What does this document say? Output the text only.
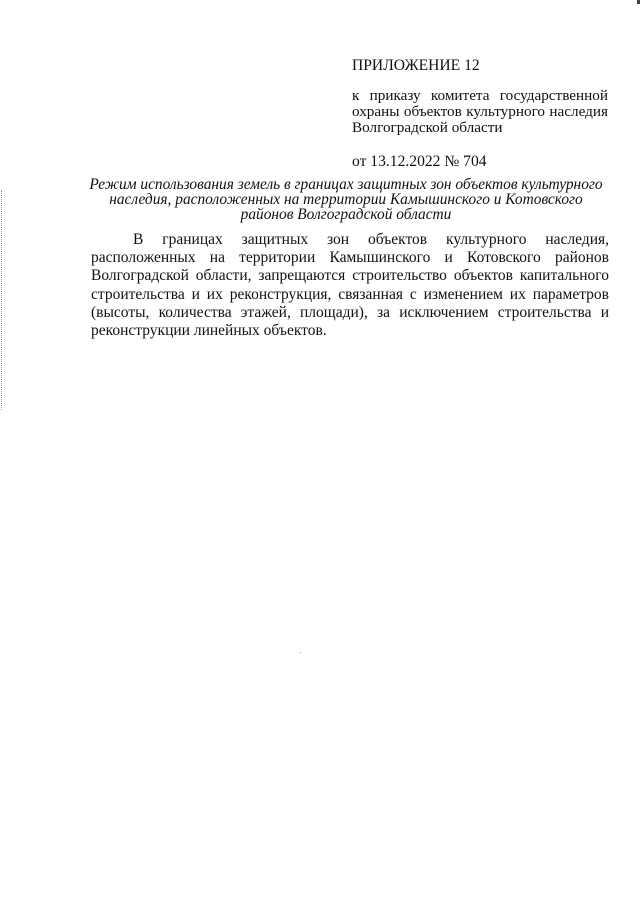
ПРИЛОЖЕНИЕ 12

к приказу комитета государственной охраны объектов культурного наследия Волгоградской области

от 13.12.2022 № 704

Режим использования земель в границах защитных зон объектов культурного наследия, расположенных на территории Камышинского и Котовского районов Волгоградской области

В границах защитных зон объектов культурного наследия, расположенных на территории Камышинского и Котовского районов Волгоградской области, запрещаются строительство объектов капитального строительства и их реконструкция, связанная с изменением их параметров (высоты, количества этажей, площади), за исключением строительства и реконструкции линейных объектов.
